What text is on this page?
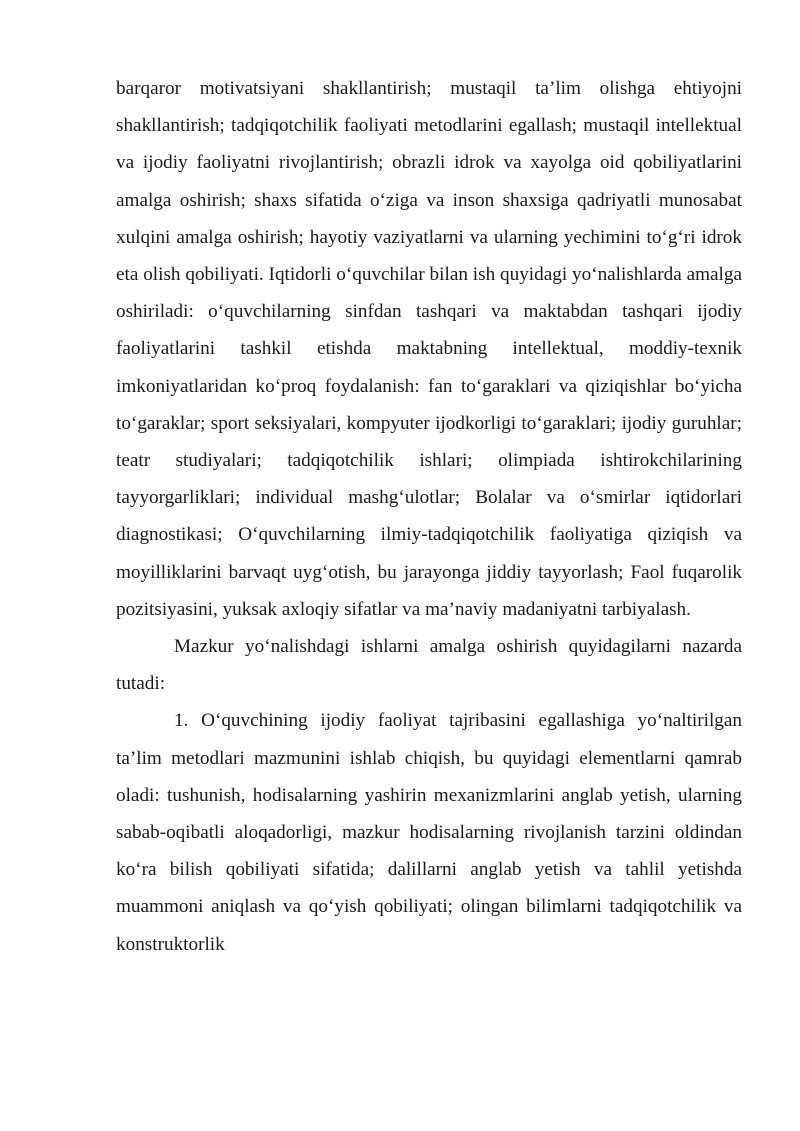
barqaror motivatsiyani shakllantirish; mustaqil ta’lim olishga ehtiyojni shakllantirish; tadqiqotchilik faoliyati metodlarini egallash; mustaqil intellektual va ijodiy faoliyatni rivojlantirish; obrazli idrok va xayolga oid qobiliyatlarini amalga oshirish; shaxs sifatida o‘ziga va inson shaxsiga qadriyatli munosabat xulqini amalga oshirish; hayotiy vaziyatlarni va ularning yechimini to‘g‘ri idrok eta olish qobiliyati. Iqtidorli o‘quvchilar bilan ish quyidagi yo‘nalishlarda amalga oshiriladi: o‘quvchilarning sinfdan tashqari va maktabdan tashqari ijodiy faoliyatlarini tashkil etishda maktabning intellektual, moddiy-texnik imkoniyatlaridan ko‘proq foydalanish: fan to‘garaklari va qiziqishlar bo‘yicha to‘garaklar; sport seksiyalari, kompyuter ijodkorligi to‘garaklari; ijodiy guruhlar; teatr studiyalari; tadqiqotchilik ishlari; olimpiada ishtirokchilarining tayyorgarliklari; individual mashg‘ulotlar; Bolalar va o‘smirlar iqtidorlari diagnostikasi; O‘quvchilarning ilmiy-tadqiqotchilik faoliyatiga qiziqish va moyilliklarini barvaqt uyg‘otish, bu jarayonga jiddiy tayyorlash; Faol fuqarolik pozitsiyasini, yuksak axloqiy sifatlar va ma’naviy madaniyatni tarbiyalash.

Mazkur yo‘nalishdagi ishlarni amalga oshirish quyidagilarni nazarda tutadi:

1. O‘quvchining ijodiy faoliyat tajribasini egallashiga yo‘naltirilgan ta’lim metodlari mazmunini ishlab chiqish, bu quyidagi elementlarni qamrab oladi: tushunish, hodisalarning yashirin mexanizmlarini anglab yetish, ularning sabab-oqibatli aloqadorligi, mazkur hodisalarning rivojlanish tarzini oldindan ko‘ra bilish qobiliyati sifatida; dalillarni anglab yetish va tahlil yetishda muammoni aniqlash va qo‘yish qobiliyati; olingan bilimlarni tadqiqotchilik va konstruktorlik
